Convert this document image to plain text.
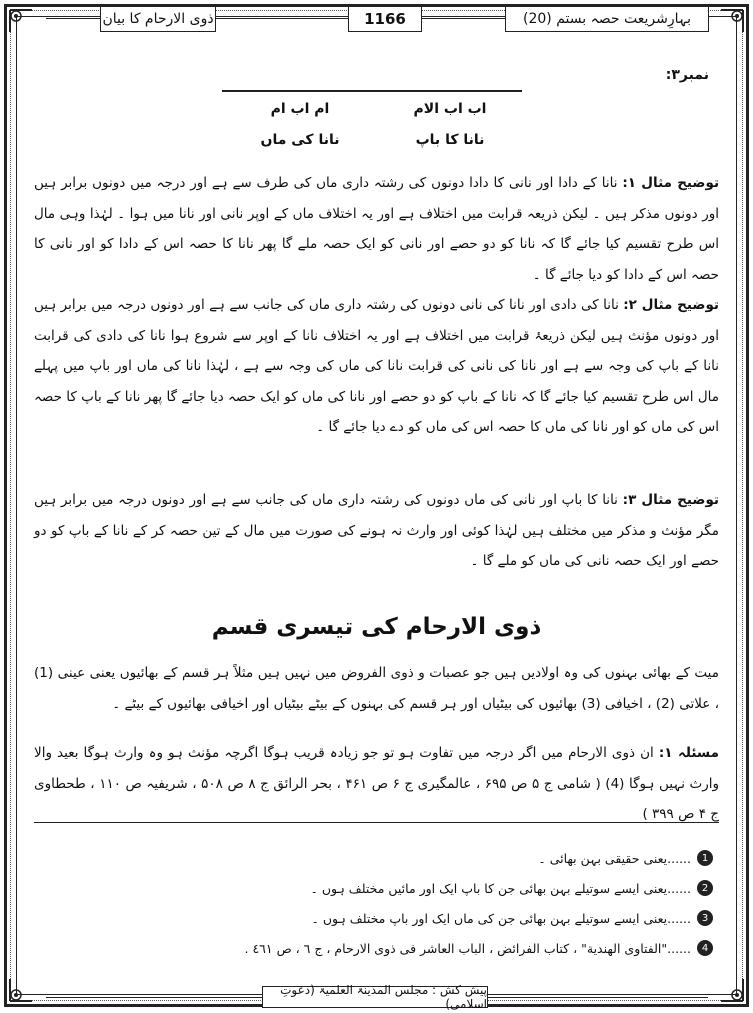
بہارِشریعت حصہ بستم (20)
1166
ذوی الارحام کا بیان
نمبر۳:
اب اب الام
ام اب ام
نانا کا باپ
نانا کی ماں

توضیح مثال ۱: نانا کے دادا اور نانی کا دادا دونوں کی رشتہ داری ماں کی طرف سے ہے اور درجہ میں دونوں برابر ہیں اور دونوں مذکر ہیں ۔ لیکن ذریعہ قرابت میں اختلاف ہے اور یہ اختلاف ماں کے اوپر نانی اور نانا میں ہوا ۔ لہٰذا وہی مال اس طرح تقسیم کیا جائے گا کہ نانا کو دو حصے اور نانی کو ایک حصہ ملے گا پھر نانا کا حصہ اس کے دادا کو اور نانی کا حصہ اس کے دادا کو دیا جائے گا ۔

توضیح مثال ۲: نانا کی دادی اور نانا کی نانی دونوں کی رشتہ داری ماں کی جانب سے ہے اور دونوں درجہ میں برابر ہیں اور دونوں مؤنث ہیں لیکن ذریعۂ قرابت میں اختلاف ہے اور یہ اختلاف نانا کے اوپر سے شروع ہوا نانا کی دادی کی قرابت نانا کے باپ کی وجہ سے ہے اور نانا کی نانی کی قرابت نانا کی ماں کی وجہ سے ہے ، لہٰذا نانا کی ماں اور باپ میں پہلے مال اس طرح تقسیم کیا جائے گا کہ نانا کے باپ کو دو حصے اور نانا کی ماں کو ایک حصہ دیا جائے گا پھر نانا کے باپ کا حصہ اس کی ماں کو اور نانا کی ماں کا حصہ اس کی ماں کو دے دیا جائے گا ۔

توضیح مثال ۳: نانا کا باپ اور نانی کی ماں دونوں کی رشتہ داری ماں کی جانب سے ہے اور دونوں درجہ میں برابر ہیں مگر مؤنث و مذکر میں مختلف ہیں لہٰذا کوئی اور وارث نہ ہونے کی صورت میں مال کے تین حصہ کر کے نانا کے باپ کو دو حصے اور ایک حصہ نانی کی ماں کو ملے گا ۔

ذوی الارحام کی تیسری قسم

میت کے بھائی بہنوں کی وہ اولادیں ہیں جو عصبات و ذوی الفروض میں نہیں ہیں مثلاً ہر قسم کے بھائیوں یعنی عینی (1) ، علاتی (2) ، اخیافی (3) بھائیوں کی بیٹیاں اور ہر قسم کی بہنوں کے بیٹے بیٹیاں اور اخیافی بھائیوں کے بیٹے ۔

مسئلہ ۱: ان ذوی الارحام میں اگر درجہ میں تفاوت ہو تو جو زیادہ قریب ہوگا اگرچہ مؤنث ہو وہ وارث ہوگا بعید والا وارث نہیں ہوگا (4) ( شامی ج ۵ ص ۶۹۵ ، عالمگیری ج ۶ ص ۴۶۱ ، بحر الرائق ج ۸ ص ۵۰۸ ، شریفیہ ص ۱۱۰ ، طحطاوی ج ۴ ص ۳۹۹ )

1
......یعنی حقیقی بہن بھائی ۔
2
......یعنی ایسے سوتیلے بہن بھائی جن کا باپ ایک اور مائیں مختلف ہوں ۔
3
......یعنی ایسے سوتیلے بہن بھائی جن کی ماں ایک اور باپ مختلف ہوں ۔
4
......"الفتاوی الھندیة" ، کتاب الفرائض ، الباب العاشر فی ذوی الارحام ، ج ٦ ، ص ٤٦١ .
پیش کش : مجلس المدینۃ العلمیۃ (دعوتِ اسلامی)
